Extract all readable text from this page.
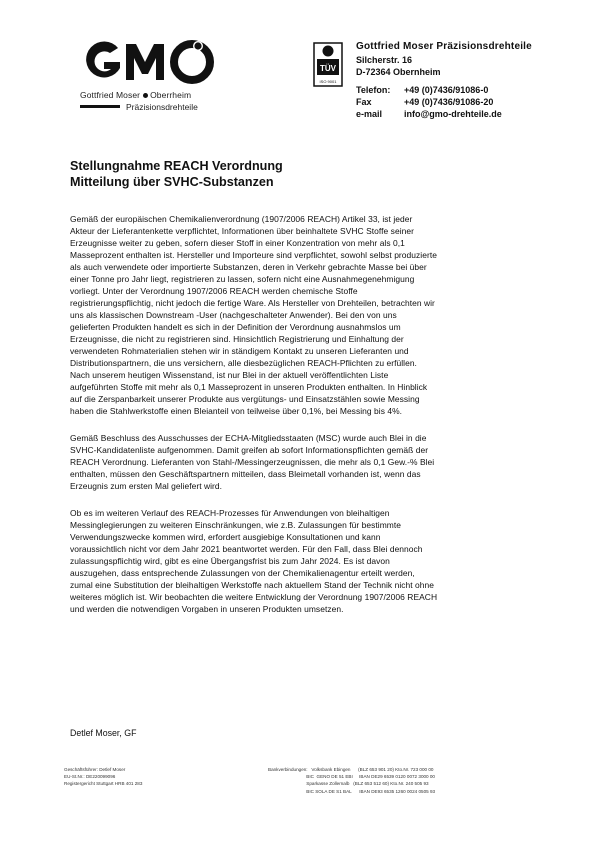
Gottfried Moser Oberrheim
Präzisionsdrehteile
TÜV
ISO 9001
Gottfried Moser Präzisionsdrehteile
Silcherstr. 16
D-72364 Obernheim
Telefon:	+49 (0)7436/91086-0
Fax	+49 (0)7436/91086-20
e-mail	info@gmo-drehteile.de
Stellungnahme REACH Verordnung
Mitteilung über SVHC-Substanzen

Gemäß der europäischen Chemikalienverordnung (1907/2006 REACH) Artikel 33, ist jeder
Akteur der Lieferantenkette verpflichtet, Informationen über beinhaltete SVHC Stoffe seiner
Erzeugnisse weiter zu geben, sofern dieser Stoff in einer Konzentration von mehr als 0,1
Masseprozent enthalten ist. Hersteller und Importeure sind verpflichtet, sowohl selbst produzierte
als auch verwendete oder importierte Substanzen, deren in Verkehr gebrachte Masse bei über
einer Tonne pro Jahr liegt, registrieren zu lassen, sofern nicht eine Ausnahmegenehmigung
vorliegt. Unter der Verordnung 1907/2006 REACH werden chemische Stoffe
registrierungspflichtig, nicht jedoch die fertige Ware. Als Hersteller von Drehteilen, betrachten wir
uns als klassischen Downstream -User (nachgeschalteter Anwender). Bei den von uns
gelieferten Produkten handelt es sich in der Definition der Verordnung ausnahmslos um
Erzeugnisse, die nicht zu registrieren sind. Hinsichtlich Registrierung und Einhaltung der
verwendeten Rohmaterialien stehen wir in ständigem Kontakt zu unseren Lieferanten und
Distributionspartnern, die uns versichern, alle diesbezüglichen REACH-Pflichten zu erfüllen.
Nach unserem heutigen Wissenstand, ist nur Blei in der aktuell veröffentlichten Liste
aufgeführten Stoffe mit mehr als 0,1 Masseprozent in unseren Produkten enthalten. In Hinblick
auf die Zerspanbarkeit unserer Produkte aus vergütungs- und Einsatzstählen sowie Messing
haben die Stahlwerkstoffe einen Bleianteil von teilweise über 0,1%, bei Messing bis 4%.

Gemäß Beschluss des Ausschusses der ECHA-Mitgliedsstaaten (MSC) wurde auch Blei in die
SVHC-Kandidatenliste aufgenommen. Damit greifen ab sofort Informationspflichten gemäß der
REACH Verordnung. Lieferanten von Stahl-/Messingerzeugnissen, die mehr als 0,1 Gew.-% Blei
enthalten, müssen den Geschäftspartnern mitteilen, dass Bleimetall vorhanden ist, wenn das
Erzeugnis zum ersten Mal geliefert wird.

Ob es im weiteren Verlauf des REACH-Prozesses für Anwendungen von bleihaltigen
Messinglegierungen zu weiteren Einschränkungen, wie z.B. Zulassungen für bestimmte
Verwendungszwecke kommen wird, erfordert ausgiebige Konsultationen und kann
voraussichtlich nicht vor dem Jahr 2021 beantwortet werden. Für den Fall, dass Blei dennoch
zulassungspflichtig wird, gibt es eine Übergangsfrist bis zum Jahr 2024. Es ist davon
auszugehen, dass entsprechende Zulassungen von der Chemikalienagentur erteilt werden,
zumal eine Substitution der bleihaltigen Werkstoffe nach aktuellem Stand der Technik nicht ohne
weiteres möglich ist. Wir beobachten die weitere Entwicklung der Verordnung 1907/2006 REACH
und werden die notwendigen Vorgaben in unseren Produkten umsetzen.

Detlef Moser, GF
Geschäftsführer: Detlef Moser
EU-St.Nr.: DE220099096
Registergericht Stuttgart HRB 401 283
Bankverbindungen:   Volksbank Ebingen      (BLZ 653 901 20) Kto.Nr. 723 000 00
BIC  GENO DE 51 EBI     IBAN DE29 6539 0120 0072 3000 00
Sparkasse Zollernalb   (BLZ 653 512 60) Kto.Nr. 240 505 93
BIC SOLA DE S1 BAL      IBAN DE93 6535 1260 0024 0505 93
